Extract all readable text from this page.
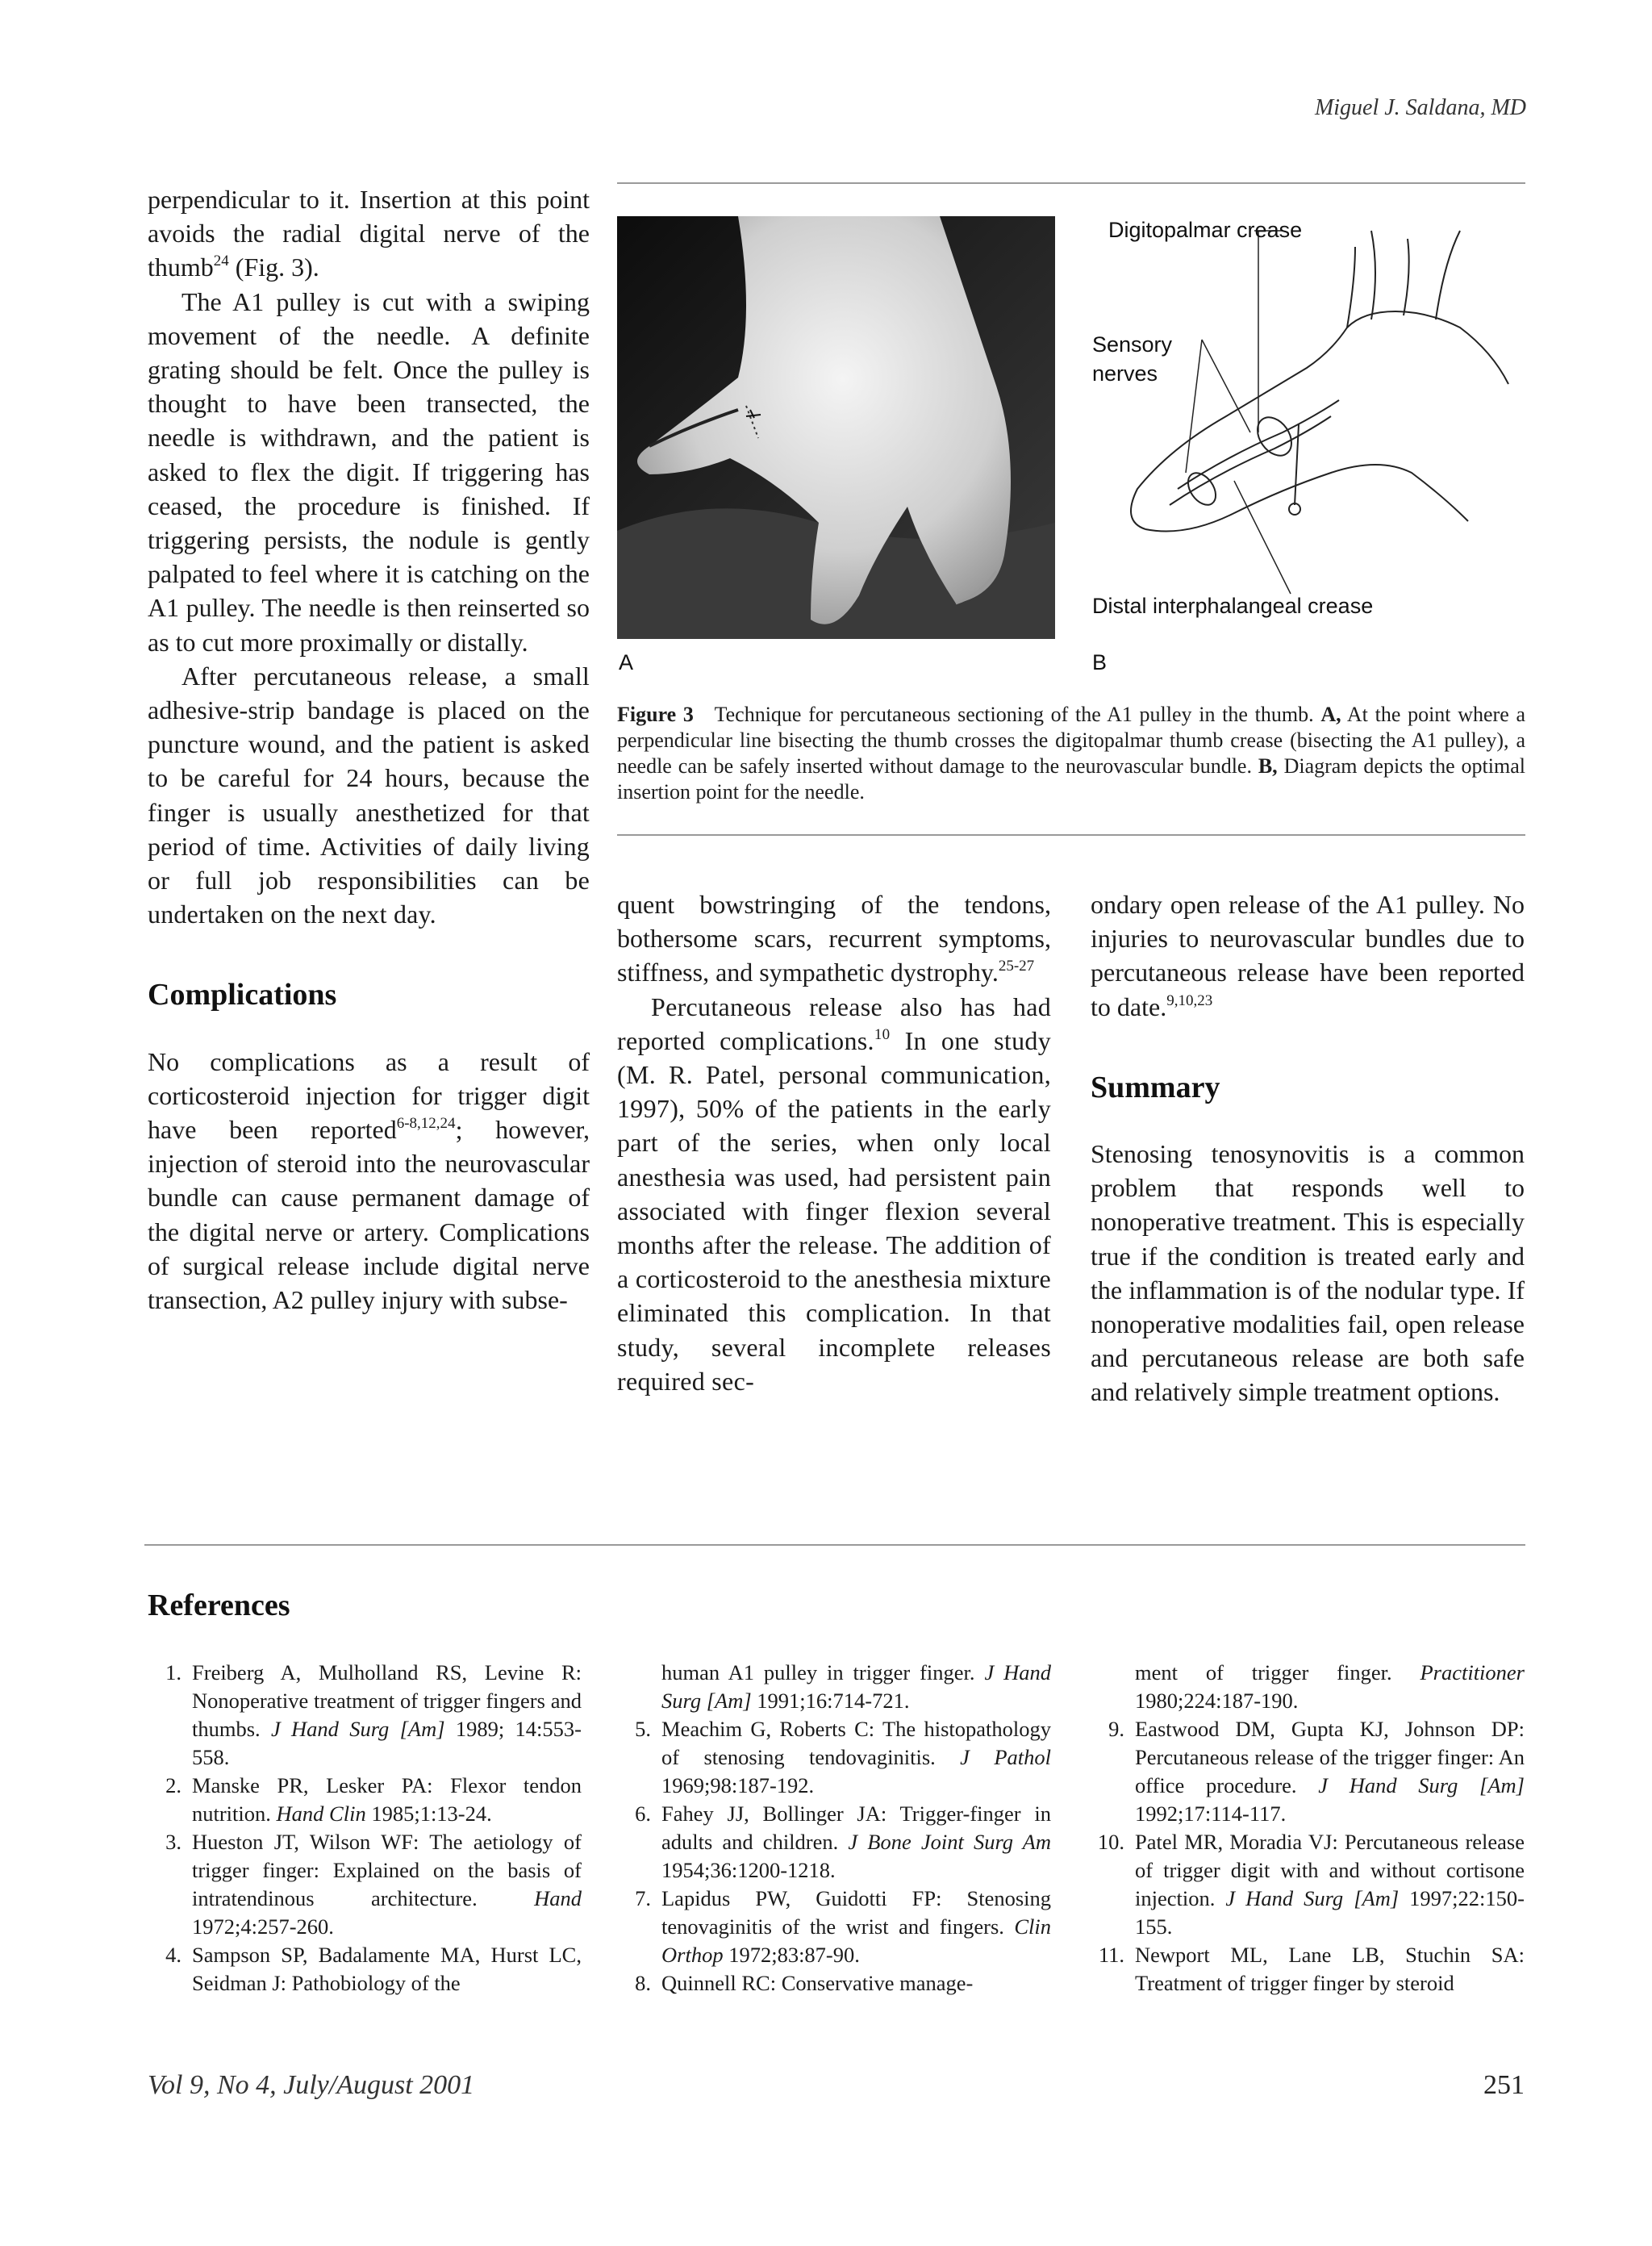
Miguel J. Saldana, MD

perpendicular to it. Insertion at this point avoids the radial digital nerve of the thumb$^{24}$ (Fig. 3).

The A1 pulley is cut with a swiping movement of the needle. A definite grating should be felt. Once the pulley is thought to have been transected, the needle is withdrawn, and the patient is asked to flex the digit. If triggering has ceased, the procedure is finished. If triggering persists, the nodule is gently palpated to feel where it is catching on the A1 pulley. The needle is then reinserted so as to cut more proximally or distally.

After percutaneous release, a small adhesive-strip bandage is placed on the puncture wound, and the patient is asked to be careful for 24 hours, because the finger is usually anesthetized for that period of time. Activities of daily living or full job responsibilities can be undertaken on the next day.

Complications

No complications as a result of corticosteroid injection for trigger digit have been reported$^{6-8,12,24}$; however, injection of steroid into the neurovascular bundle can cause permanent damage of the digital nerve or artery. Complications of surgical release include digital nerve transection, A2 pulley injury with subse-

Digitopalmar crease
Sensory
nerves
Distal interphalangeal crease
A	B
Figure 3 Technique for percutaneous sectioning of the A1 pulley in the thumb. A, At the point where a perpendicular line bisecting the thumb crosses the digitopalmar thumb crease (bisecting the A1 pulley), a needle can be safely inserted without damage to the neurovascular bundle. B, Diagram depicts the optimal insertion point for the needle.

quent bowstringing of the tendons, bothersome scars, recurrent symptoms, stiffness, and sympathetic dystrophy.$^{25-27}$

Percutaneous release also has had reported complications.$^{10}$ In one study (M. R. Patel, personal communication, 1997), 50% of the patients in the early part of the series, when only local anesthesia was used, had persistent pain associated with finger flexion several months after the release. The addition of a corticosteroid to the anesthesia mixture eliminated this complication. In that study, several incomplete releases required sec-

ondary open release of the A1 pulley. No injuries to neurovascular bundles due to percutaneous release have been reported to date.$^{9,10,23}$

Summary

Stenosing tenosynovitis is a common problem that responds well to nonoperative treatment. This is especially true if the condition is treated early and the inflammation is of the nodular type. If nonoperative modalities fail, open release and percutaneous release are both safe and relatively simple treatment options.

References
1. Freiberg A, Mulholland RS, Levine R: Nonoperative treatment of trigger fingers and thumbs. J Hand Surg [Am] 1989; 14:553-558.
2. Manske PR, Lesker PA: Flexor tendon nutrition. Hand Clin 1985;1:13-24.
3. Hueston JT, Wilson WF: The aetiology of trigger finger: Explained on the basis of intratendinous architecture. Hand 1972;4:257-260.
4. Sampson SP, Badalamente MA, Hurst LC, Seidman J: Pathobiology of the
human A1 pulley in trigger finger. J Hand Surg [Am] 1991;16:714-721.
5. Meachim G, Roberts C: The histopathology of stenosing tendovaginitis. J Pathol 1969;98:187-192.
6. Fahey JJ, Bollinger JA: Trigger-finger in adults and children. J Bone Joint Surg Am 1954;36:1200-1218.
7. Lapidus PW, Guidotti FP: Stenosing tenovaginitis of the wrist and fingers. Clin Orthop 1972;83:87-90.
8. Quinnell RC: Conservative manage-
ment of trigger finger. Practitioner 1980;224:187-190.
9. Eastwood DM, Gupta KJ, Johnson DP: Percutaneous release of the trigger finger: An office procedure. J Hand Surg [Am] 1992;17:114-117.
10. Patel MR, Moradia VJ: Percutaneous release of trigger digit with and without cortisone injection. J Hand Surg [Am] 1997;22:150-155.
11. Newport ML, Lane LB, Stuchin SA: Treatment of trigger finger by steroid
Vol 9, No 4, July/August 2001	251
